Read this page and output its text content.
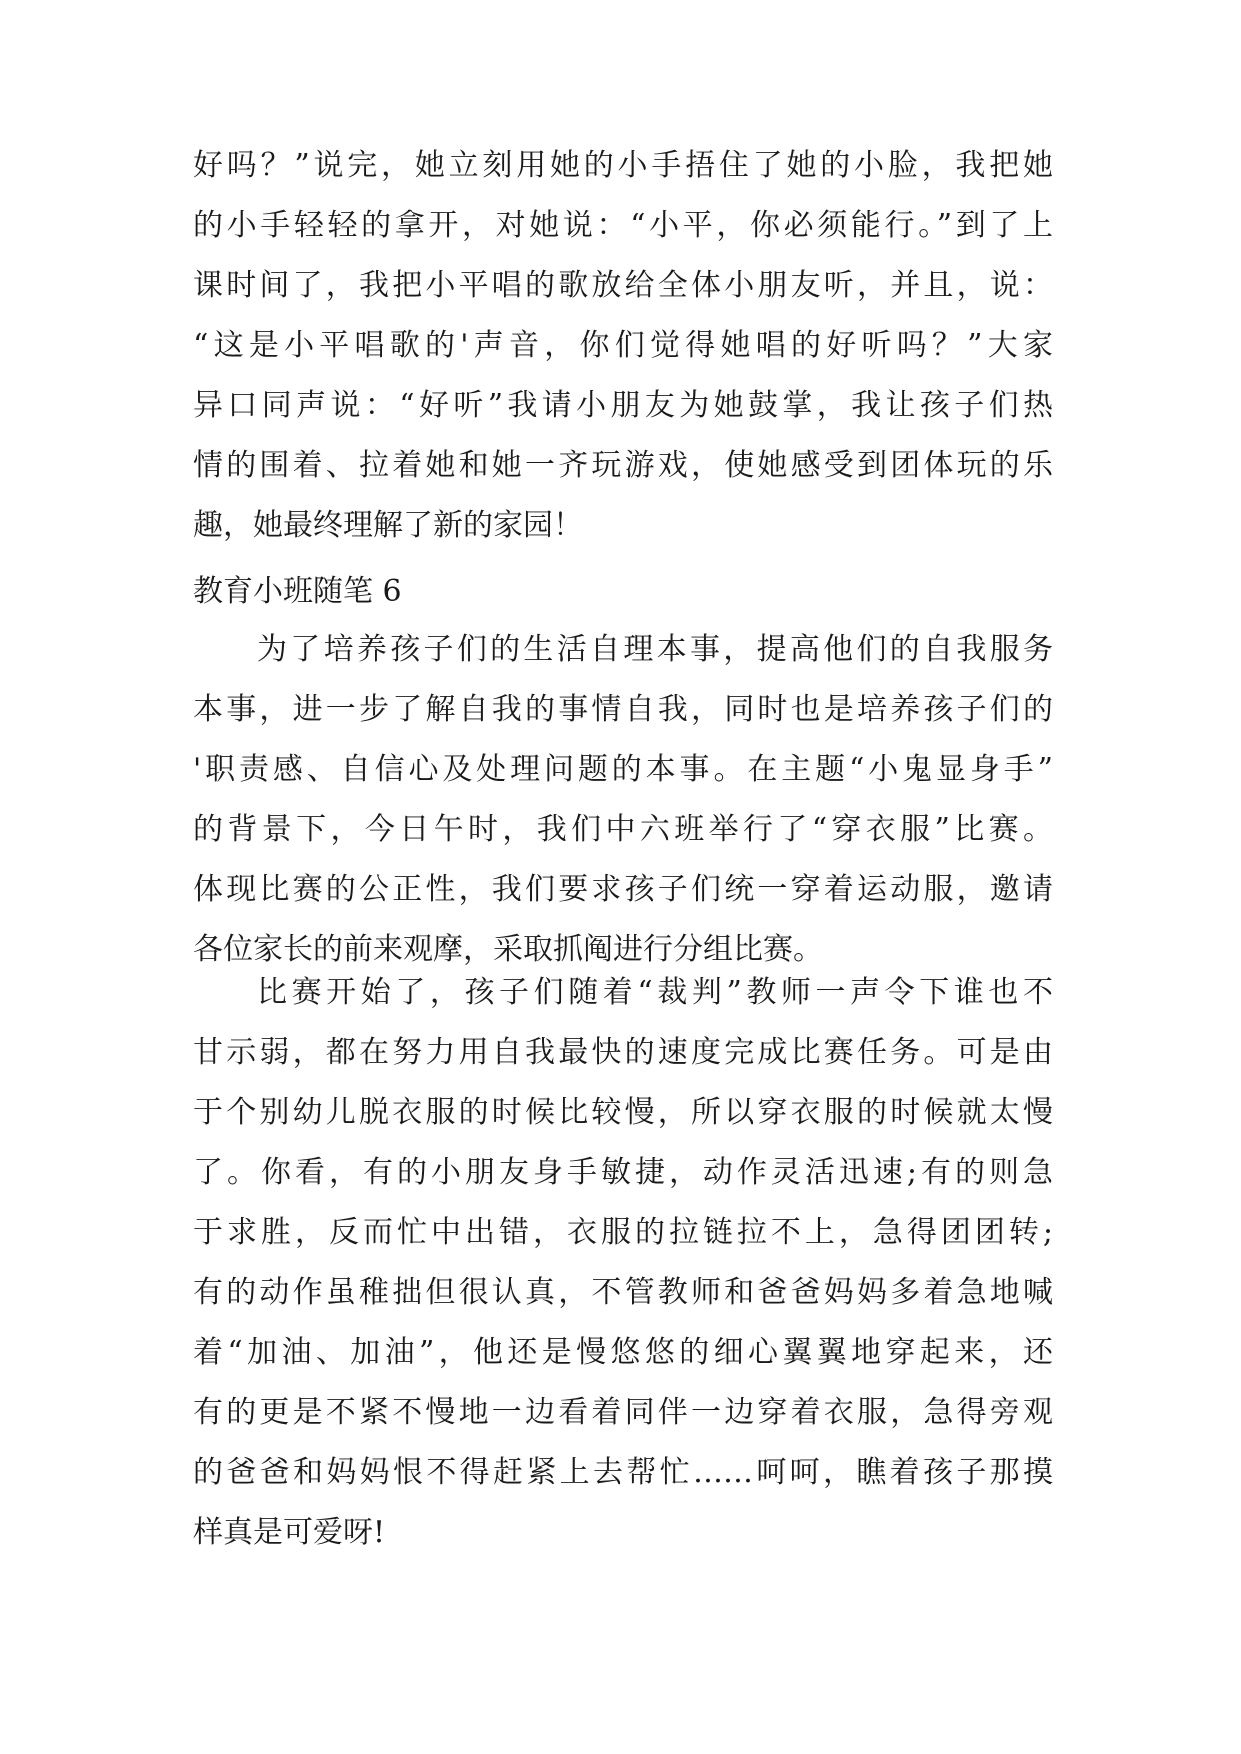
好吗？”说完，她立刻用她的小手捂住了她的小脸，我把她
的小手轻轻的拿开，对她说：“小平，你必须能行。”到了上
课时间了，我把小平唱的歌放给全体小朋友听，并且，说：
“这是小平唱歌的'声音，你们觉得她唱的好听吗？”大家
异口同声说：“好听”我请小朋友为她鼓掌，我让孩子们热
情的围着、拉着她和她一齐玩游戏，使她感受到团体玩的乐
趣，她最终理解了新的家园！
教育小班随笔 6
为了培养孩子们的生活自理本事，提高他们的自我服务
本事，进一步了解自我的事情自我，同时也是培养孩子们的
'职责感、自信心及处理问题的本事。在主题“小鬼显身手”
的背景下，今日午时，我们中六班举行了“穿衣服”比赛。
体现比赛的公正性，我们要求孩子们统一穿着运动服，邀请
各位家长的前来观摩，采取抓阄进行分组比赛。
比赛开始了，孩子们随着“裁判”教师一声令下谁也不
甘示弱，都在努力用自我最快的速度完成比赛任务。可是由
于个别幼儿脱衣服的时候比较慢，所以穿衣服的时候就太慢
了。你看，有的小朋友身手敏捷，动作灵活迅速;有的则急
于求胜，反而忙中出错，衣服的拉链拉不上，急得团团转;
有的动作虽稚拙但很认真，不管教师和爸爸妈妈多着急地喊
着“加油、加油”，他还是慢悠悠的细心翼翼地穿起来，还
有的更是不紧不慢地一边看着同伴一边穿着衣服，急得旁观
的爸爸和妈妈恨不得赶紧上去帮忙……呵呵，瞧着孩子那摸
样真是可爱呀!
